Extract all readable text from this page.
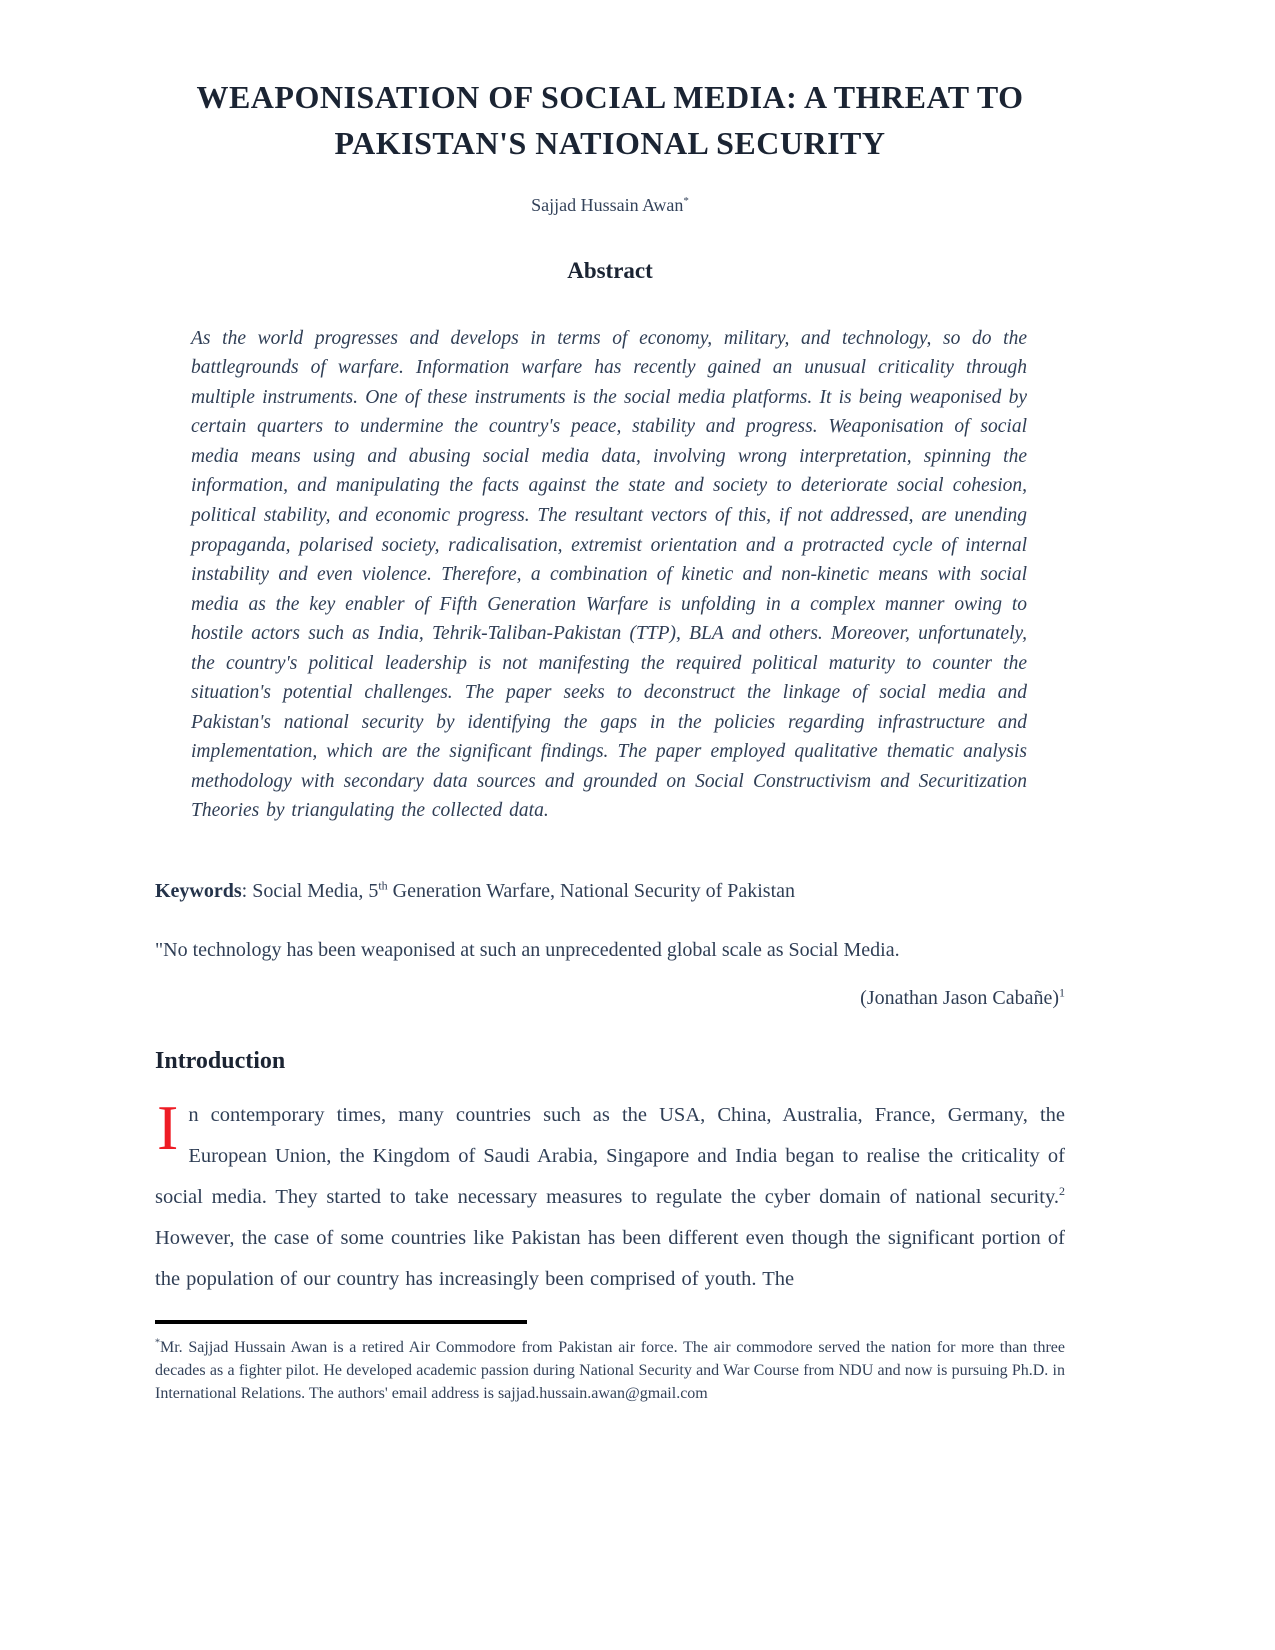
WEAPONISATION OF SOCIAL MEDIA: A THREAT TO PAKISTAN'S NATIONAL SECURITY
Sajjad Hussain Awan*
Abstract

As the world progresses and develops in terms of economy, military, and technology, so do the battlegrounds of warfare. Information warfare has recently gained an unusual criticality through multiple instruments. One of these instruments is the social media platforms. It is being weaponised by certain quarters to undermine the country's peace, stability and progress. Weaponisation of social media means using and abusing social media data, involving wrong interpretation, spinning the information, and manipulating the facts against the state and society to deteriorate social cohesion, political stability, and economic progress. The resultant vectors of this, if not addressed, are unending propaganda, polarised society, radicalisation, extremist orientation and a protracted cycle of internal instability and even violence. Therefore, a combination of kinetic and non-kinetic means with social media as the key enabler of Fifth Generation Warfare is unfolding in a complex manner owing to hostile actors such as India, Tehrik-Taliban-Pakistan (TTP), BLA and others. Moreover, unfortunately, the country's political leadership is not manifesting the required political maturity to counter the situation's potential challenges. The paper seeks to deconstruct the linkage of social media and Pakistan's national security by identifying the gaps in the policies regarding infrastructure and implementation, which are the significant findings. The paper employed qualitative thematic analysis methodology with secondary data sources and grounded on Social Constructivism and Securitization Theories by triangulating the collected data.

Keywords: Social Media, 5th Generation Warfare, National Security of Pakistan

"No technology has been weaponised at such an unprecedented global scale as Social Media.

(Jonathan Jason Cabañe)$^1$
Introduction

In contemporary times, many countries such as the USA, China, Australia, France, Germany, the European Union, the Kingdom of Saudi Arabia, Singapore and India began to realise the criticality of social media. They started to take necessary measures to regulate the cyber domain of national security.$^2$ However, the case of some countries like Pakistan has been different even though the significant portion of the population of our country has increasingly been comprised of youth. The

*Mr. Sajjad Hussain Awan is a retired Air Commodore from Pakistan air force. The air commodore served the nation for more than three decades as a fighter pilot. He developed academic passion during National Security and War Course from NDU and now is pursuing Ph.D. in International Relations. The authors' email address is sajjad.hussain.awan@gmail.com
